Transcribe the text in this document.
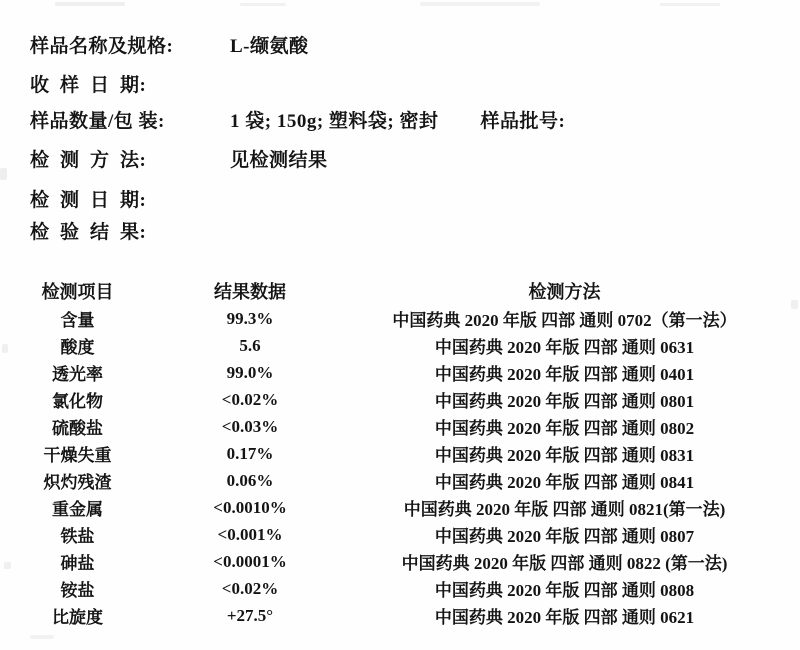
样品名称及规格:	L-缬氨酸
收  样  日  期:
样品数量/包 装:	1 袋; 150g; 塑料袋; 密封 样品批号:
检  测  方  法:	见检测结果
检  测  日  期:
检  验  结  果:
检测项目	结果数据	检测方法
含量	99.3%	中国药典 2020 年版 四部 通则 0702（第一法）
酸度	5.6	中国药典 2020 年版 四部 通则 0631
透光率	99.0%	中国药典 2020 年版 四部 通则 0401
氯化物	<0.02%	中国药典 2020 年版 四部 通则 0801
硫酸盐	<0.03%	中国药典 2020 年版 四部 通则 0802
干燥失重	0.17%	中国药典 2020 年版 四部 通则 0831
炽灼残渣	0.06%	中国药典 2020 年版 四部 通则 0841
重金属	<0.0010%	中国药典 2020 年版 四部 通则 0821(第一法)
铁盐	<0.001%	中国药典 2020 年版 四部 通则 0807
砷盐	<0.0001%	中国药典 2020 年版 四部 通则 0822 (第一法)
铵盐	<0.02%	中国药典 2020 年版 四部 通则 0808
比旋度	+27.5°	中国药典 2020 年版 四部 通则 0621
